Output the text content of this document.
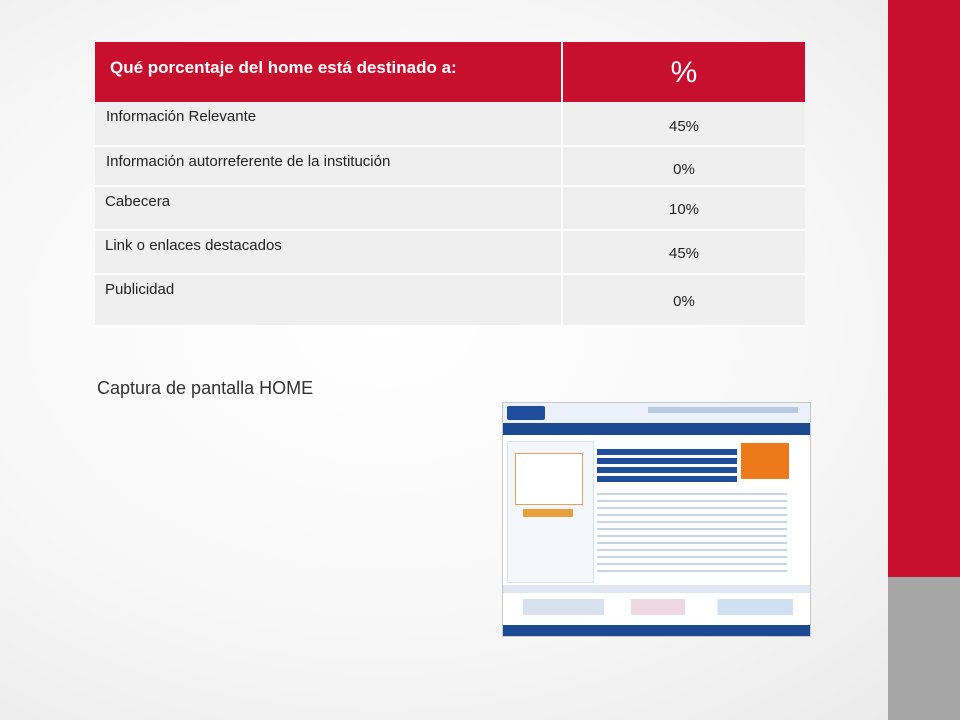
Qué porcentaje del home está destinado a:	%

Información Relevante	45%

Información autorreferente de la institución	0%

Cabecera	10%

Link o enlaces destacados	45%

Publicidad	0%
Captura de pantalla HOME
